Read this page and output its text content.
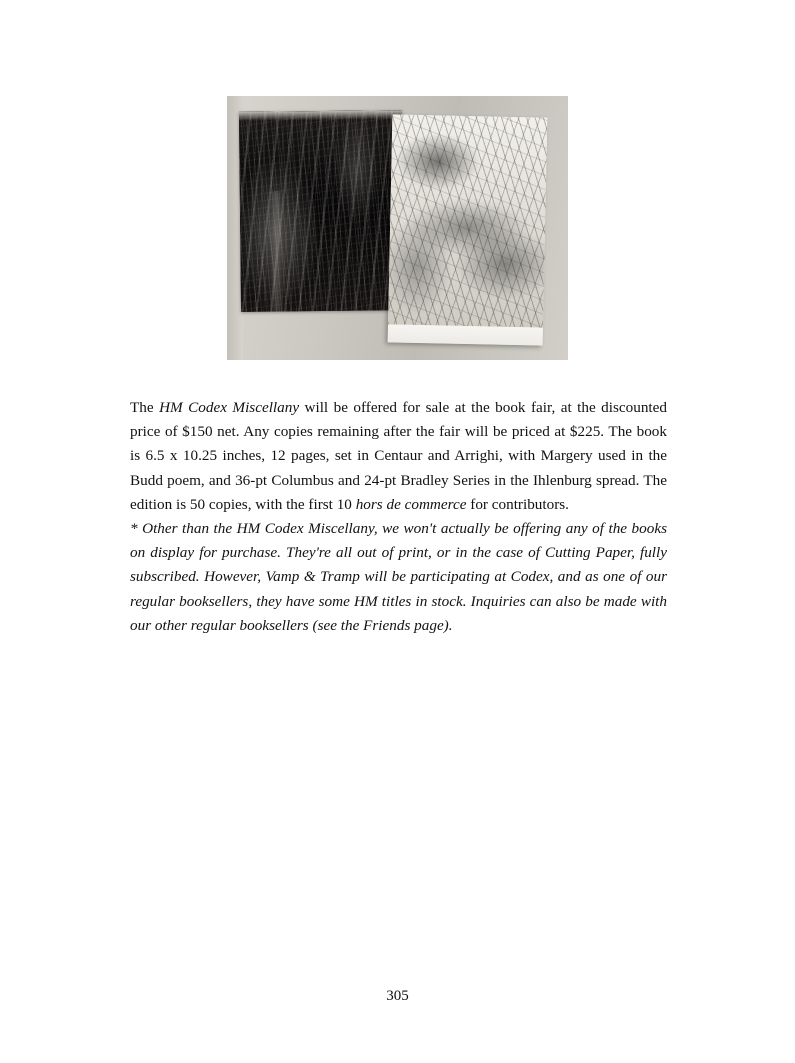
The HM Codex Miscellany will be offered for sale at the book fair, at the discounted price of $150 net. Any copies remaining after the fair will be priced at $225. The book is 6.5 x 10.25 inches, 12 pages, set in Centaur and Arrighi, with Margery used in the Budd poem, and 36-pt Columbus and 24-pt Bradley Series in the Ihlenburg spread. The edition is 50 copies, with the first 10 hors de commerce for contributors.

* Other than the HM Codex Miscellany, we won't actually be offering any of the books on display for purchase. They're all out of print, or in the case of Cutting Paper, fully subscribed. However, Vamp & Tramp will be participating at Codex, and as one of our regular booksellers, they have some HM titles in stock. Inquiries can also be made with our other regular booksellers (see the Friends page).

305
